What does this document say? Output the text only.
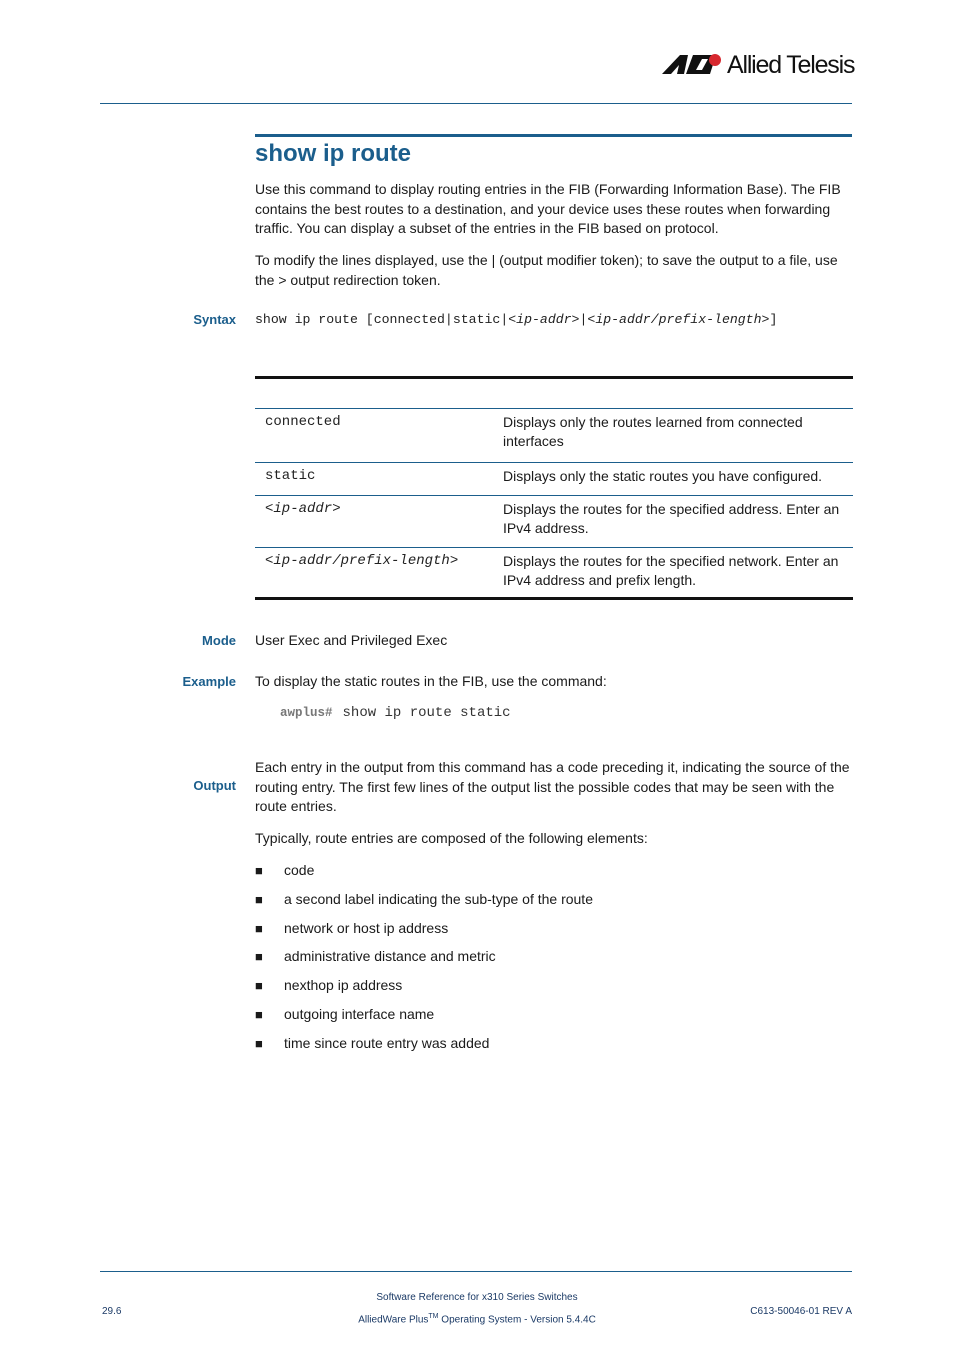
Allied Telesis
show ip route
Use this command to display routing entries in the FIB (Forwarding Information Base). The FIB contains the best routes to a destination, and your device uses these routes when forwarding traffic. You can display a subset of the entries in the FIB based on protocol.
To modify the lines displayed, use the | (output modifier token); to save the output to a file, use the > output redirection token.
Syntax show ip route [connected|static|<ip-addr>|<ip-addr/prefix-length>]
connected	Displays only the routes learned from connected interfaces
static	Displays only the static routes you have configured.
<ip-addr>	Displays the routes for the specified address. Enter an IPv4 address.
<ip-addr/prefix-length>	Displays the routes for the specified network. Enter an IPv4 address and prefix length.
Mode User Exec and Privileged Exec
Example To display the static routes in the FIB, use the command:
awplus# show ip route static
Output
Each entry in the output from this command has a code preceding it, indicating the source of the routing entry. The first few lines of the output list the possible codes that may be seen with the route entries.
Typically, route entries are composed of the following elements:
■	code
■	a second label indicating the sub-type of the route
■	network or host ip address
■	administrative distance and metric
■	nexthop ip address
■	outgoing interface name
■	time since route entry was added
29.6
Software Reference for x310 Series Switches
AlliedWare Plus™ Operating System - Version 5.4.4C
C613-50046-01 REV A
